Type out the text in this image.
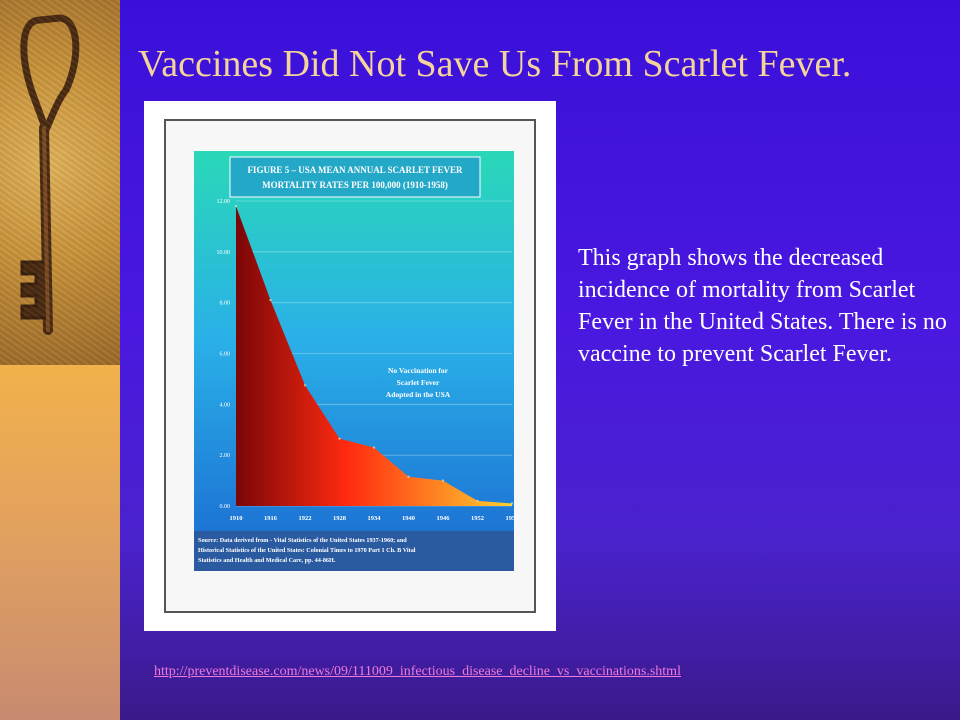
Vaccines Did Not Save Us From Scarlet Fever.
0.00
2.00
4.00
6.00
8.00
10.00
12.00
1910	1916	1922	1928	1934	1940	1946	1952	1958
FIGURE 5 – USA MEAN ANNUAL SCARLET FEVER
MORTALITY RATES PER 100,000 (1910-1958)
No Vaccination for
Scarlet Fever
Adopted in the USA
Source: Data derived from - Vital Statistics of the United States 1937-1960; and
Historical Statistics of the United States: Colonial Times to 1970 Part 1 Ch. B Vital
Statistics and Health and Medical Care, pp. 44-86H.
This graph shows the decreased incidence of mortality from Scarlet Fever in the United States. There is no vaccine to prevent Scarlet Fever.
http://preventdisease.com/news/09/111009_infectious_disease_decline_vs_vaccinations.shtml
